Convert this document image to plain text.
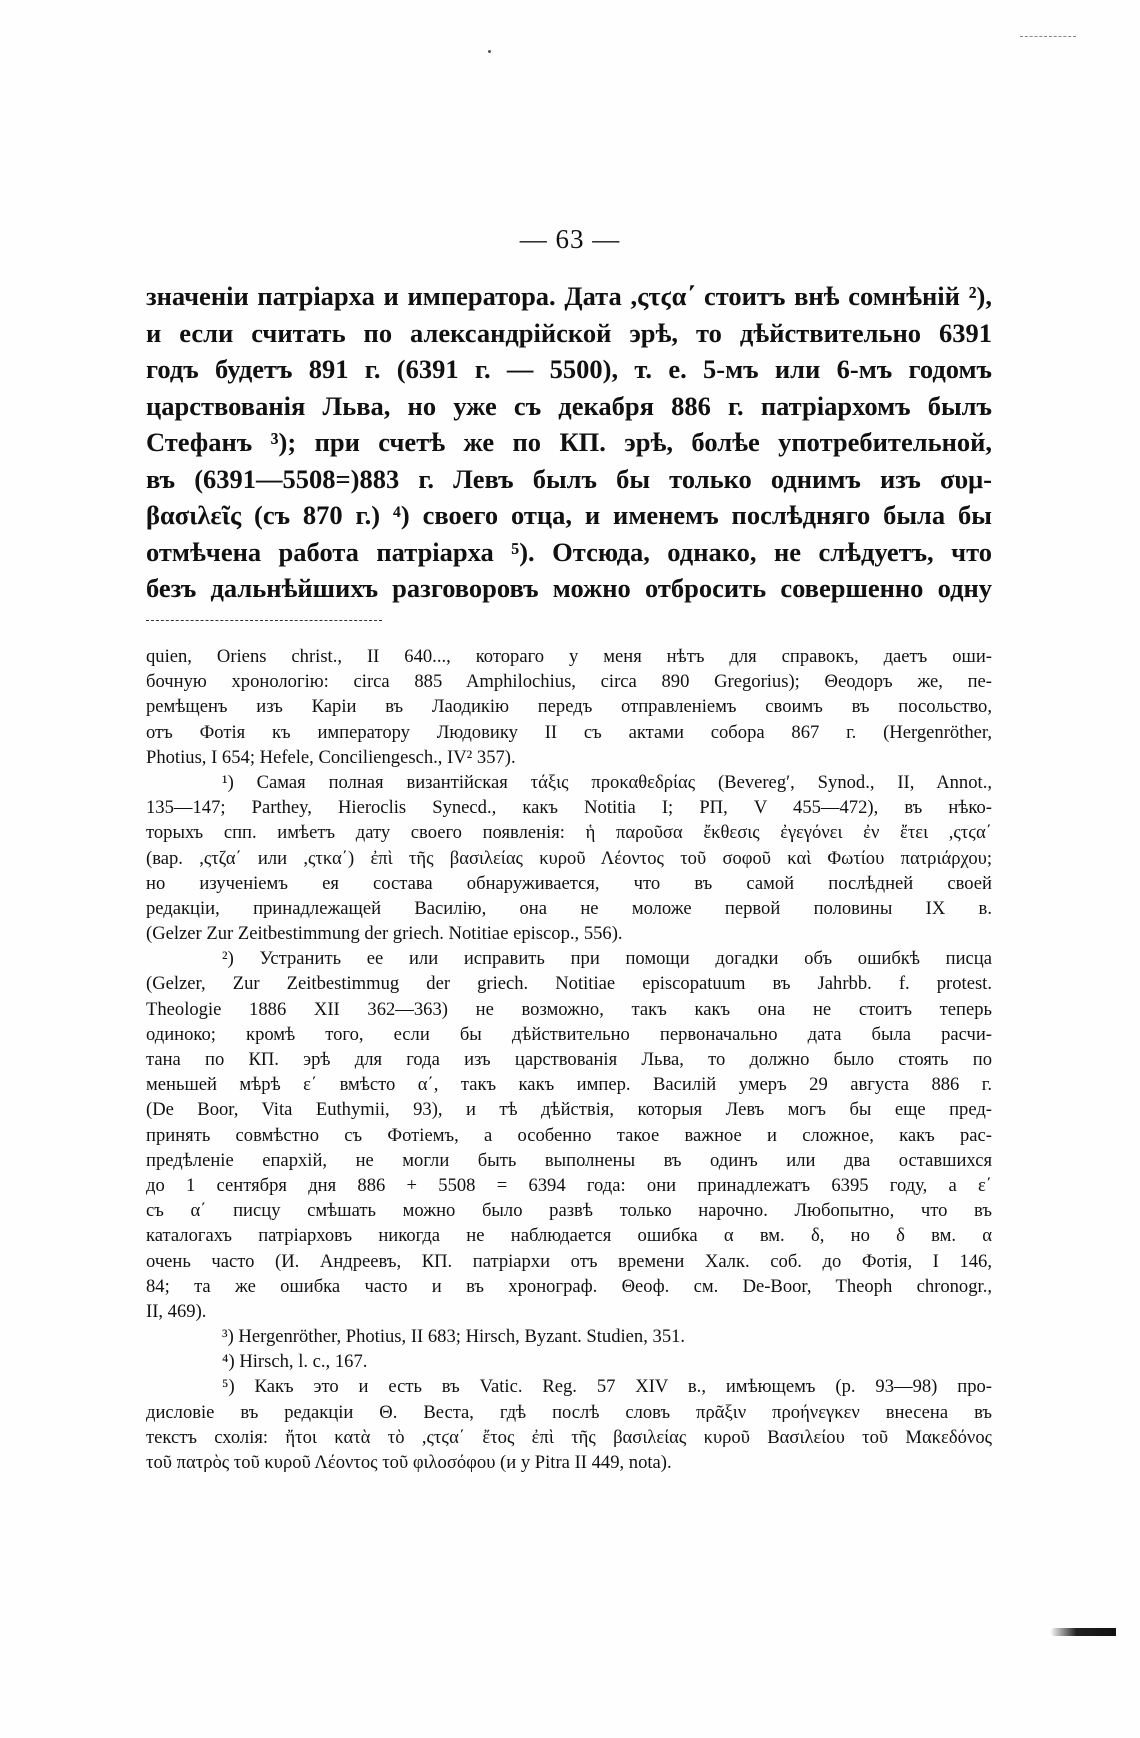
— 63 —
значеніи патріарха и императора. Дата ,ςτϛα΄ стоитъ внѣ сомнѣній ²),
и если считать по александрійской эрѣ, то дѣйствительно 6391
годъ будетъ 891 г. (6391 г. — 5500), т. е. 5-мъ или 6-мъ годомъ
царствованія Льва, но уже съ декабря 886 г. патріархомъ былъ
Стефанъ ³); при счетѣ же по КП. эрѣ, болѣе употребительной,
въ (6391—5508=)883 г. Левъ былъ бы только однимъ изъ συμ-
βασιλεῖς (съ 870 г.) ⁴) своего отца, и именемъ послѣдняго была бы
отмѣчена работа патріарха ⁵). Отсюда, однако, не слѣдуетъ, что
безъ дальнѣйшихъ разговоровъ можно отбросить совершенно одну
quien, Oriens christ., II 640..., котораго у меня нѣтъ для справокъ, даетъ оши-
бочную хронологію: circa 885 Amphilochius, circa 890 Gregorius); Θеодоръ же, пе-
ремѣщенъ изъ Каріи въ Лаодикію передъ отправленіемъ своимъ въ посольство,
отъ Фотія къ императору Людовику II съ актами собора 867 г. (Hergenröther,
Photius, I 654; Hefele, Conciliengesch., IV² 357).
¹) Самая полная византійская τάξις προκαθεδρίας (Beveregʹ, Synod., II, Annot.,
135—147; Parthey, Hieroclis Synecd., какъ Notitia I; РП, V 455—472), въ нѣко-
торыхъ спп. имѣетъ дату своего появленія: ἡ παροῦσα ἔκθεσις ἐγεγόνει ἐν ἔτει ,ςτϛα΄
(вар. ,ςτζα΄ или ,ςτκα΄) ἐπὶ τῆς βασιλείας κυροῦ Λέοντος τοῦ σοφοῦ καὶ Φωτίου πατριάρχου;
но изученіемъ ея состава обнаруживается, что въ самой послѣдней своей
редакціи, принадлежащей Василію, она не моложе первой половины IX в.
(Gelzer Zur Zeitbestimmung der griech. Notitiae episcop., 556).
²) Устранить ее или исправить при помощи догадки объ ошибкѣ писца
(Gelzer, Zur Zeitbestimmug der griech. Notitiae episcopatuum въ Jahrbb. f. protest.
Theologie 1886 XII 362—363) не возможно, такъ какъ она не стоитъ теперь
одиноко; кромѣ того, если бы дѣйствительно первоначально дата была расчи-
тана по КП. эрѣ для года изъ царствованія Льва, то должно было стоять по
меньшей мѣрѣ ε΄ вмѣсто α΄, такъ какъ импер. Василій умеръ 29 августа 886 г.
(De Boor, Vita Euthymii, 93), и тѣ дѣйствія, которыя Левъ могъ бы еще пред-
принять совмѣстно съ Фотіемъ, а особенно такое важное и сложное, какъ рас-
предѣленіе епархій, не могли быть выполнены въ одинъ или два оставшихся
до 1 сентября дня 886 + 5508 = 6394 года: они принадлежатъ 6395 году, а ε΄
съ α΄ писцу смѣшать можно было развѣ только нарочно. Любопытно, что въ
каталогахъ патріарховъ никогда не наблюдается ошибка α вм. δ, но δ вм. α
очень часто (И. Андреевъ, КП. патріархи отъ времени Халк. соб. до Фотія, I 146,
84; та же ошибка часто и въ хронограф. Θеоф. см. De-Boor, Theoph chronogr.,
II, 469).
³) Hergenröther, Photius, II 683; Hirsch, Byzant. Studien, 351.
⁴) Hirsch, l. c., 167.
⁵) Какъ это и есть въ Vatic. Reg. 57 XIV в., имѣющемъ (р. 93—98) про-
дисловіе въ редакціи Θ. Веста, гдѣ послѣ словъ πρᾶξιν προήνεγκεν внесена въ
текстъ схолія: ἤτοι κατὰ τὸ ,ςτϛα΄ ἔτος ἐπὶ τῆς βασιλείας κυροῦ Βασιλείου τοῦ Μακεδόνος
τοῦ πατρὸς τοῦ κυροῦ Λέοντος τοῦ φιλοσόφου (и у Pitra II 449, nota).
